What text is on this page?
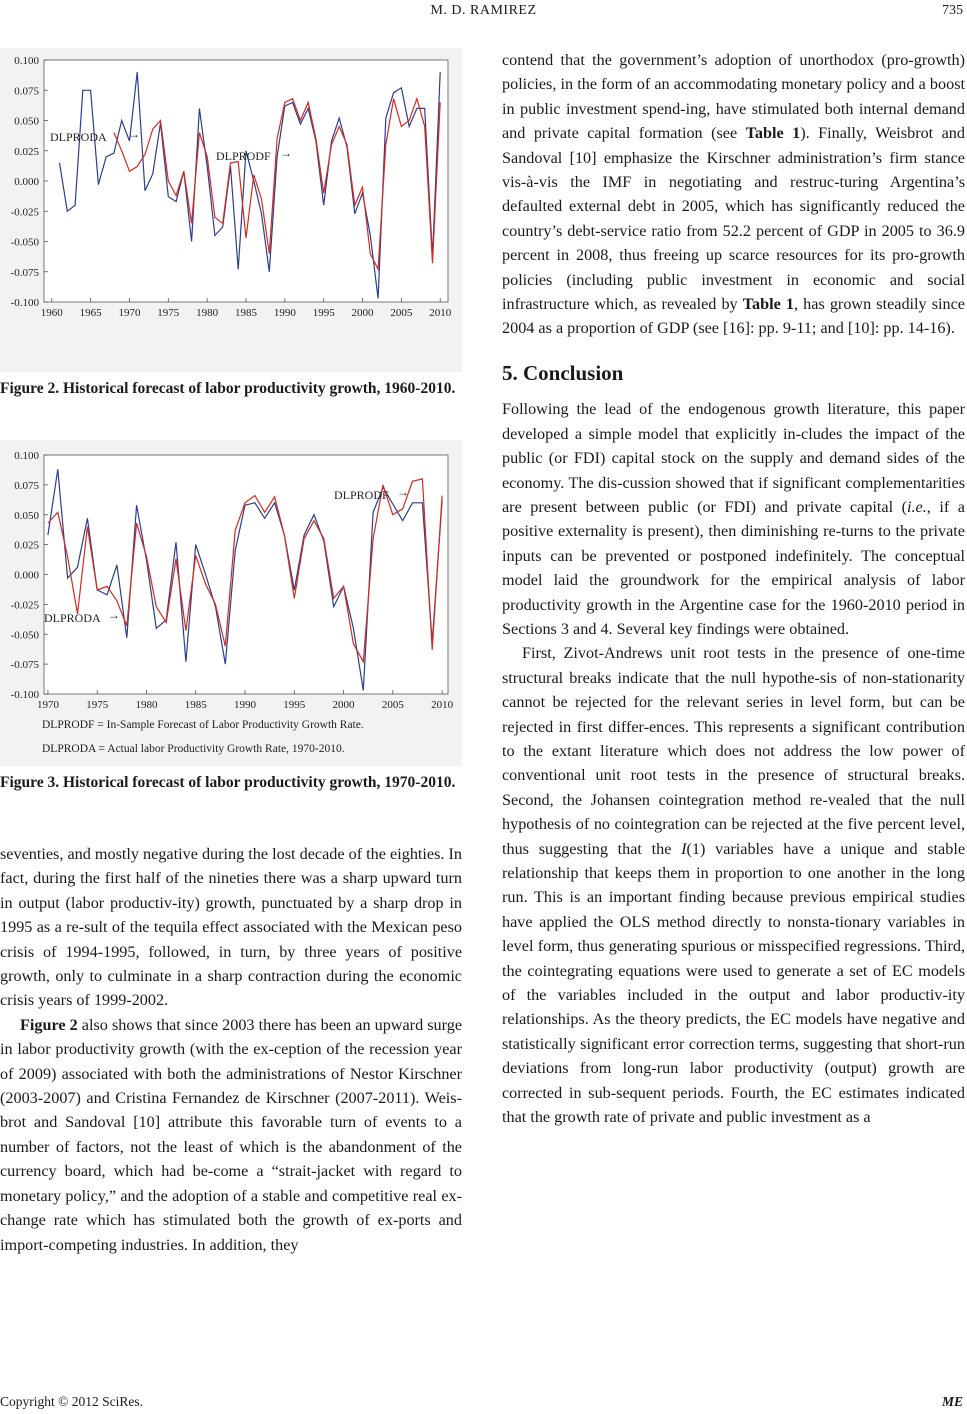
M. D. RAMIREZ	735
0.100
0.075
0.050
0.025
0.000
-0.025
-0.050
-0.075
-0.100
1960 1965 1970 1975 1980 1985 1990 1995 2000 2005 2010
DLPRODA →
DLPRODF →
Figure 2. Historical forecast of labor productivity growth, 1960-2010.
0.100
0.075
0.050
0.025
0.000
-0.025
-0.050
-0.075
-0.100
1970 1975 1980 1985 1990 1995 2000 2005 2010
DLPRODF →
DLPRODA →
DLPRODF = In-Sample Forecast of Labor Productivity Growth Rate.
DLPRODA = Actual labor Productivity Growth Rate, 1970-2010.
Figure 3. Historical forecast of labor productivity growth, 1970-2010.

seventies, and mostly negative during the lost decade of the eighties. In fact, during the first half of the nineties there was a sharp upward turn in output (labor productiv-ity) growth, punctuated by a sharp drop in 1995 as a re-sult of the tequila effect associated with the Mexican peso crisis of 1994-1995, followed, in turn, by three years of positive growth, only to culminate in a sharp contraction during the economic crisis years of 1999-2002.

Figure 2 also shows that since 2003 there has been an upward surge in labor productivity growth (with the ex-ception of the recession year of 2009) associated with both the administrations of Nestor Kirschner (2003-2007) and Cristina Fernandez de Kirschner (2007-2011). Weis-brot and Sandoval [10] attribute this favorable turn of events to a number of factors, not the least of which is the abandonment of the currency board, which had be-come a “strait-jacket with regard to monetary policy,” and the adoption of a stable and competitive real ex-change rate which has stimulated both the growth of ex-ports and import-competing industries. In addition, they

contend that the government’s adoption of unorthodox (pro-growth) policies, in the form of an accommodating monetary policy and a boost in public investment spend-ing, have stimulated both internal demand and private capital formation (see Table 1). Finally, Weisbrot and Sandoval [10] emphasize the Kirschner administration’s firm stance vis-à-vis the IMF in negotiating and restruc-turing Argentina’s defaulted external debt in 2005, which has significantly reduced the country’s debt-service ratio from 52.2 percent of GDP in 2005 to 36.9 percent in 2008, thus freeing up scarce resources for its pro-growth policies (including public investment in economic and social infrastructure which, as revealed by Table 1, has grown steadily since 2004 as a proportion of GDP (see [16]: pp. 9-11; and [10]: pp. 14-16).

5. Conclusion

Following the lead of the endogenous growth literature, this paper developed a simple model that explicitly in-cludes the impact of the public (or FDI) capital stock on the supply and demand sides of the economy. The dis-cussion showed that if significant complementarities are present between public (or FDI) and private capital (i.e., if a positive externality is present), then diminishing re-turns to the private inputs can be prevented or postponed indefinitely. The conceptual model laid the groundwork for the empirical analysis of labor productivity growth in the Argentine case for the 1960-2010 period in Sections 3 and 4. Several key findings were obtained.

First, Zivot-Andrews unit root tests in the presence of one-time structural breaks indicate that the null hypothe-sis of non-stationarity cannot be rejected for the relevant series in level form, but can be rejected in first differ-ences. This represents a significant contribution to the extant literature which does not address the low power of conventional unit root tests in the presence of structural breaks. Second, the Johansen cointegration method re-vealed that the null hypothesis of no cointegration can be rejected at the five percent level, thus suggesting that the I(1) variables have a unique and stable relationship that keeps them in proportion to one another in the long run. This is an important finding because previous empirical studies have applied the OLS method directly to nonsta-tionary variables in level form, thus generating spurious or misspecified regressions. Third, the cointegrating equations were used to generate a set of EC models of the variables included in the output and labor productiv-ity relationships. As the theory predicts, the EC models have negative and statistically significant error correction terms, suggesting that short-run deviations from long-run labor productivity (output) growth are corrected in sub-sequent periods. Fourth, the EC estimates indicated that the growth rate of private and public investment as a

Copyright © 2012 SciRes.	ME
